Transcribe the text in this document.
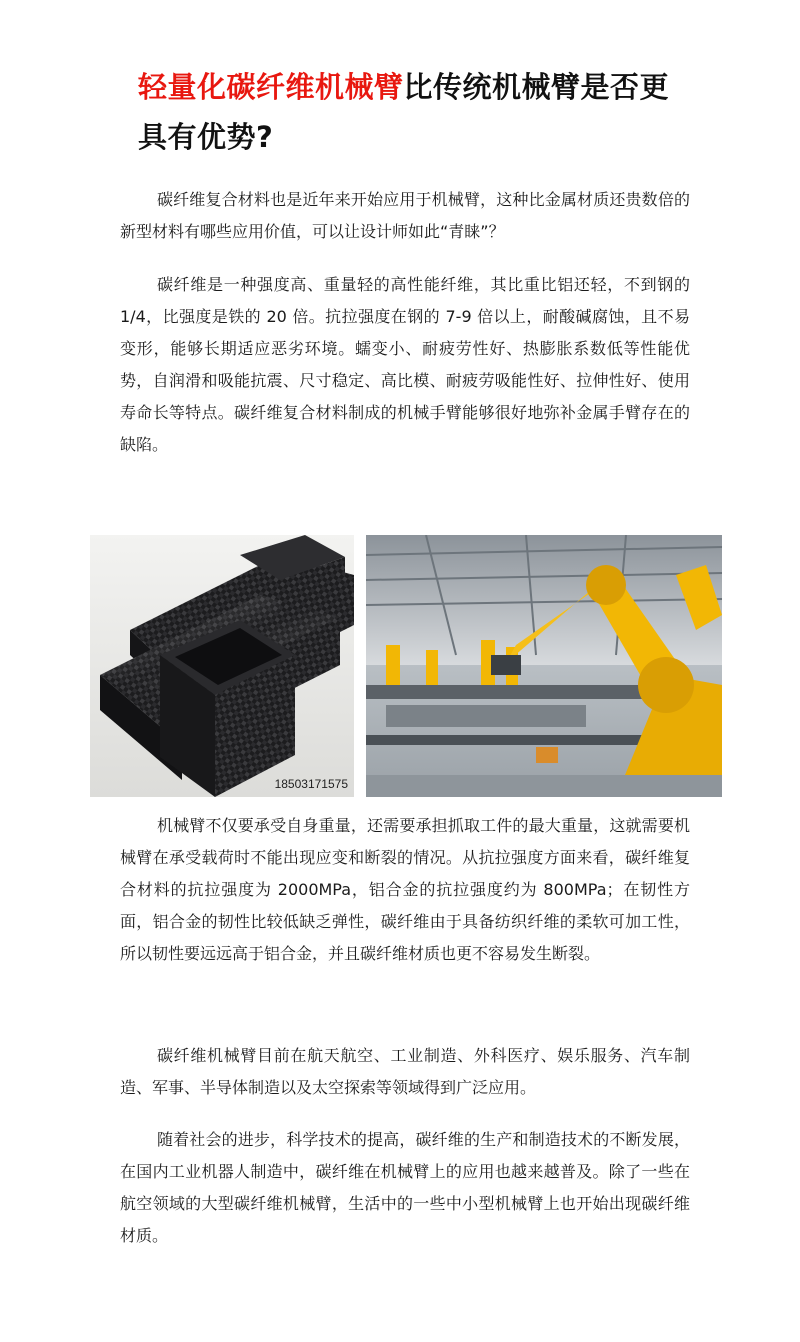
轻量化碳纤维机械臂比传统机械臂是否更具有优势?

碳纤维复合材料也是近年来开始应用于机械臂，这种比金属材质还贵数倍的新型材料有哪些应用价值，可以让设计师如此“青睐”？

碳纤维是一种强度高、重量轻的高性能纤维，其比重比铝还轻，不到钢的 1/4，比强度是铁的 20 倍。抗拉强度在钢的 7-9 倍以上，耐酸碱腐蚀，且不易变形，能够长期适应恶劣环境。蠕变小、耐疲劳性好、热膨胀系数低等性能优势，自润滑和吸能抗震、尺寸稳定、高比模、耐疲劳吸能性好、拉伸性好、使用寿命长等特点。碳纤维复合材料制成的机械手臂能够很好地弥补金属手臂存在的缺陷。

18503171575

机械臂不仅要承受自身重量，还需要承担抓取工件的最大重量，这就需要机械臂在承受载荷时不能出现应变和断裂的情况。从抗拉强度方面来看，碳纤维复合材料的抗拉强度为 2000MPa，铝合金的抗拉强度约为 800MPa；在韧性方面，铝合金的韧性比较低缺乏弹性，碳纤维由于具备纺织纤维的柔软可加工性，所以韧性要远远高于铝合金，并且碳纤维材质也更不容易发生断裂。

碳纤维机械臂目前在航天航空、工业制造、外科医疗、娱乐服务、汽车制造、军事、半导体制造以及太空探索等领域得到广泛应用。

随着社会的进步，科学技术的提高，碳纤维的生产和制造技术的不断发展，在国内工业机器人制造中，碳纤维在机械臂上的应用也越来越普及。除了一些在航空领域的大型碳纤维机械臂，生活中的一些中小型机械臂上也开始出现碳纤维材质。
